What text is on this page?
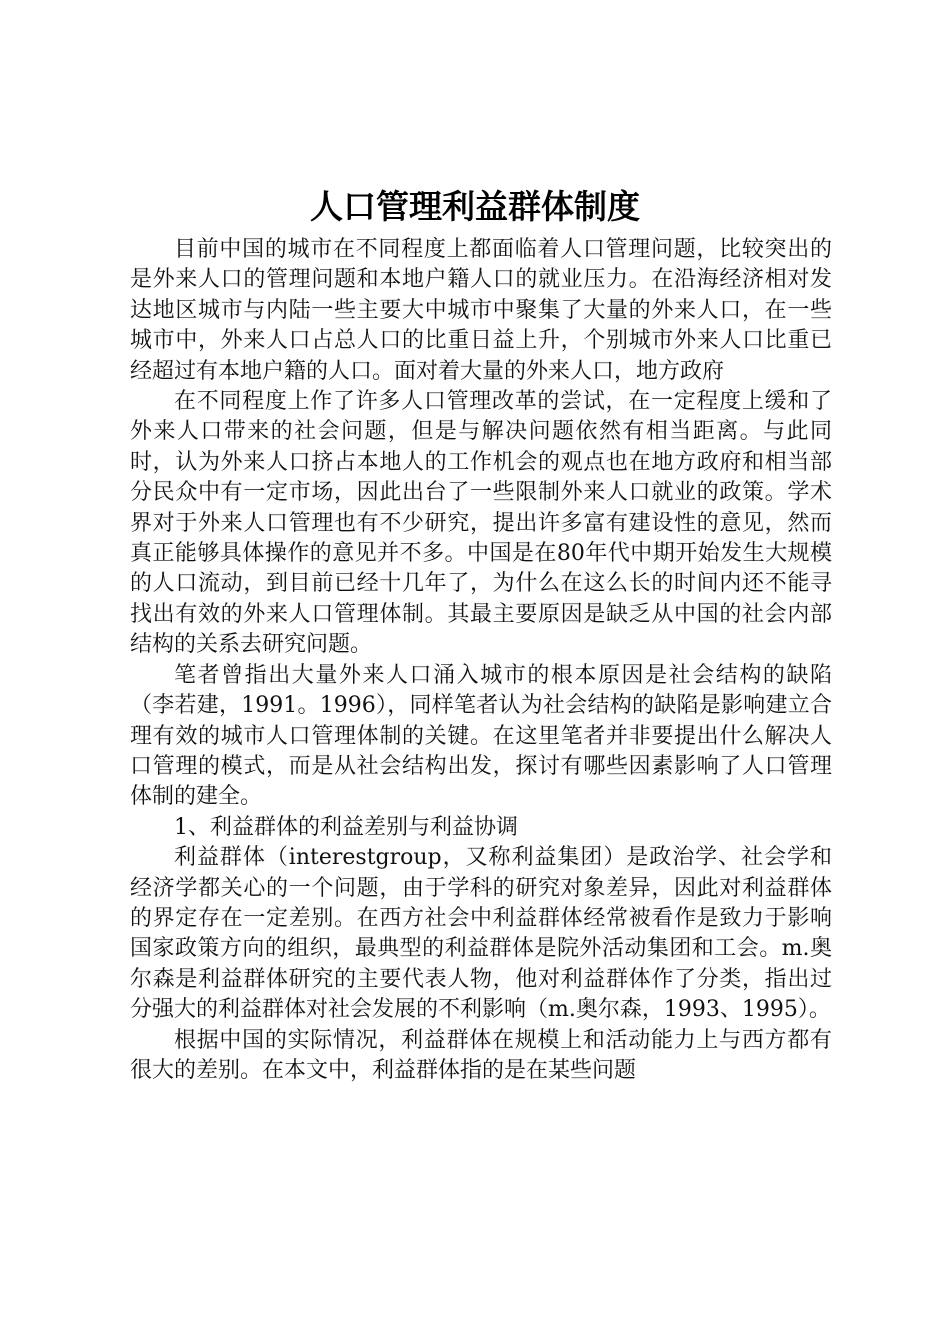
人口管理利益群体制度

目前中国的城市在不同程度上都面临着人口管理问题，比较突出的是外来人口的管理问题和本地户籍人口的就业压力。在沿海经济相对发达地区城市与内陆一些主要大中城市中聚集了大量的外来人口，在一些城市中，外来人口占总人口的比重日益上升，个别城市外来人口比重已经超过有本地户籍的人口。面对着大量的外来人口，地方政府

在不同程度上作了许多人口管理改革的尝试，在一定程度上缓和了外来人口带来的社会问题，但是与解决问题依然有相当距离。与此同时，认为外来人口挤占本地人的工作机会的观点也在地方政府和相当部分民众中有一定市场，因此出台了一些限制外来人口就业的政策。学术界对于外来人口管理也有不少研究，提出许多富有建设性的意见，然而真正能够具体操作的意见并不多。中国是在80年代中期开始发生大规模的人口流动，到目前已经十几年了，为什么在这么长的时间内还不能寻找出有效的外来人口管理体制。其最主要原因是缺乏从中国的社会内部结构的关系去研究问题。

笔者曾指出大量外来人口涌入城市的根本原因是社会结构的缺陷（李若建，1991。1996），同样笔者认为社会结构的缺陷是影响建立合理有效的城市人口管理体制的关键。在这里笔者并非要提出什么解决人口管理的模式，而是从社会结构出发，探讨有哪些因素影响了人口管理体制的建全。

1、利益群体的利益差别与利益协调

利益群体（interestgroup，又称利益集团）是政治学、社会学和经济学都关心的一个问题，由于学科的研究对象差异，因此对利益群体的界定存在一定差别。在西方社会中利益群体经常被看作是致力于影响国家政策方向的组织，最典型的利益群体是院外活动集团和工会。m.奥尔森是利益群体研究的主要代表人物，他对利益群体作了分类，指出过分强大的利益群体对社会发展的不利影响（m.奥尔森，1993、1995）。

根据中国的实际情况，利益群体在规模上和活动能力上与西方都有很大的差别。在本文中，利益群体指的是在某些问题
